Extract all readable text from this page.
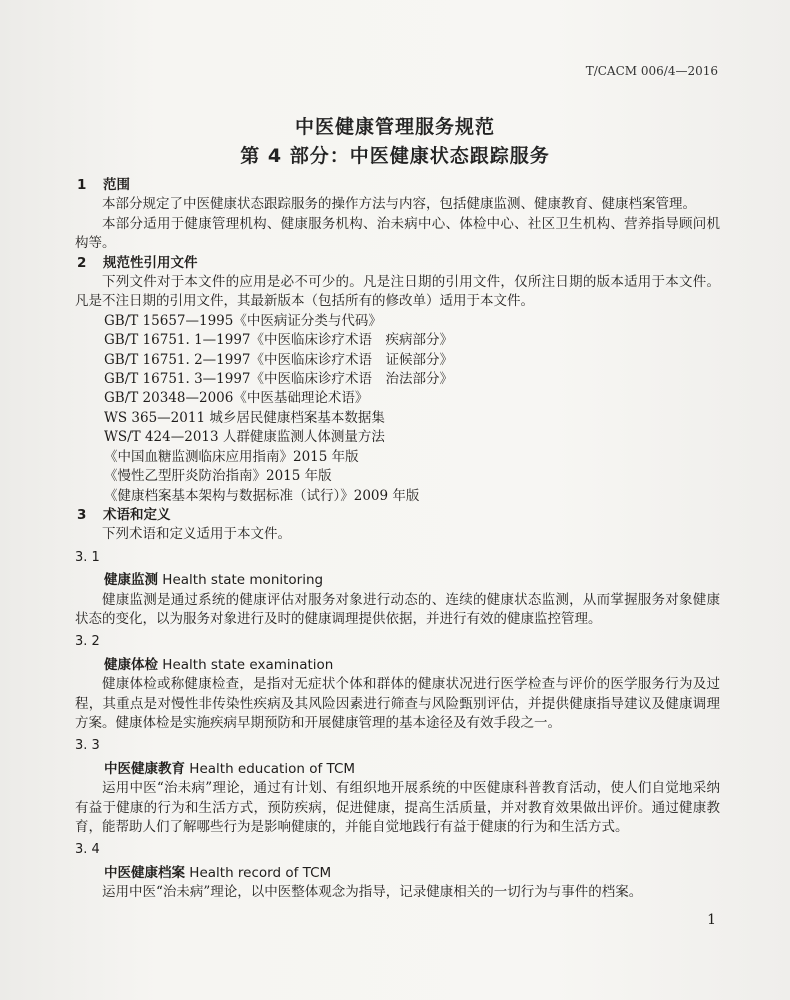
T/CACM 006/4—2016
中医健康管理服务规范
第 4 部分：中医健康状态跟踪服务
1 范围
本部分规定了中医健康状态跟踪服务的操作方法与内容，包括健康监测、健康教育、健康档案管理。
本部分适用于健康管理机构、健康服务机构、治未病中心、体检中心、社区卫生机构、营养指导顾问机构等。
2 规范性引用文件
下列文件对于本文件的应用是必不可少的。凡是注日期的引用文件，仅所注日期的版本适用于本文件。凡是不注日期的引用文件，其最新版本（包括所有的修改单）适用于本文件。
GB/T 15657—1995《中医病证分类与代码》
GB/T 16751. 1—1997《中医临床诊疗术语　疾病部分》
GB/T 16751. 2—1997《中医临床诊疗术语　证候部分》
GB/T 16751. 3—1997《中医临床诊疗术语　治法部分》
GB/T 20348—2006《中医基础理论术语》
WS 365—2011 城乡居民健康档案基本数据集
WS/T 424—2013 人群健康监测人体测量方法
《中国血糖监测临床应用指南》2015 年版
《慢性乙型肝炎防治指南》2015 年版
《健康档案基本架构与数据标准（试行）》2009 年版
3 术语和定义
下列术语和定义适用于本文件。
3. 1
健康监测 Health state monitoring
健康监测是通过系统的健康评估对服务对象进行动态的、连续的健康状态监测，从而掌握服务对象健康状态的变化，以为服务对象进行及时的健康调理提供依据，并进行有效的健康监控管理。
3. 2
健康体检 Health state examination
健康体检或称健康检查，是指对无症状个体和群体的健康状况进行医学检查与评价的医学服务行为及过程，其重点是对慢性非传染性疾病及其风险因素进行筛查与风险甄别评估，并提供健康指导建议及健康调理方案。健康体检是实施疾病早期预防和开展健康管理的基本途径及有效手段之一。
3. 3
中医健康教育 Health education of TCM
运用中医“治未病”理论，通过有计划、有组织地开展系统的中医健康科普教育活动，使人们自觉地采纳有益于健康的行为和生活方式，预防疾病，促进健康，提高生活质量，并对教育效果做出评价。通过健康教育，能帮助人们了解哪些行为是影响健康的，并能自觉地践行有益于健康的行为和生活方式。
3. 4
中医健康档案 Health record of TCM
运用中医“治未病”理论，以中医整体观念为指导，记录健康相关的一切行为与事件的档案。
1
